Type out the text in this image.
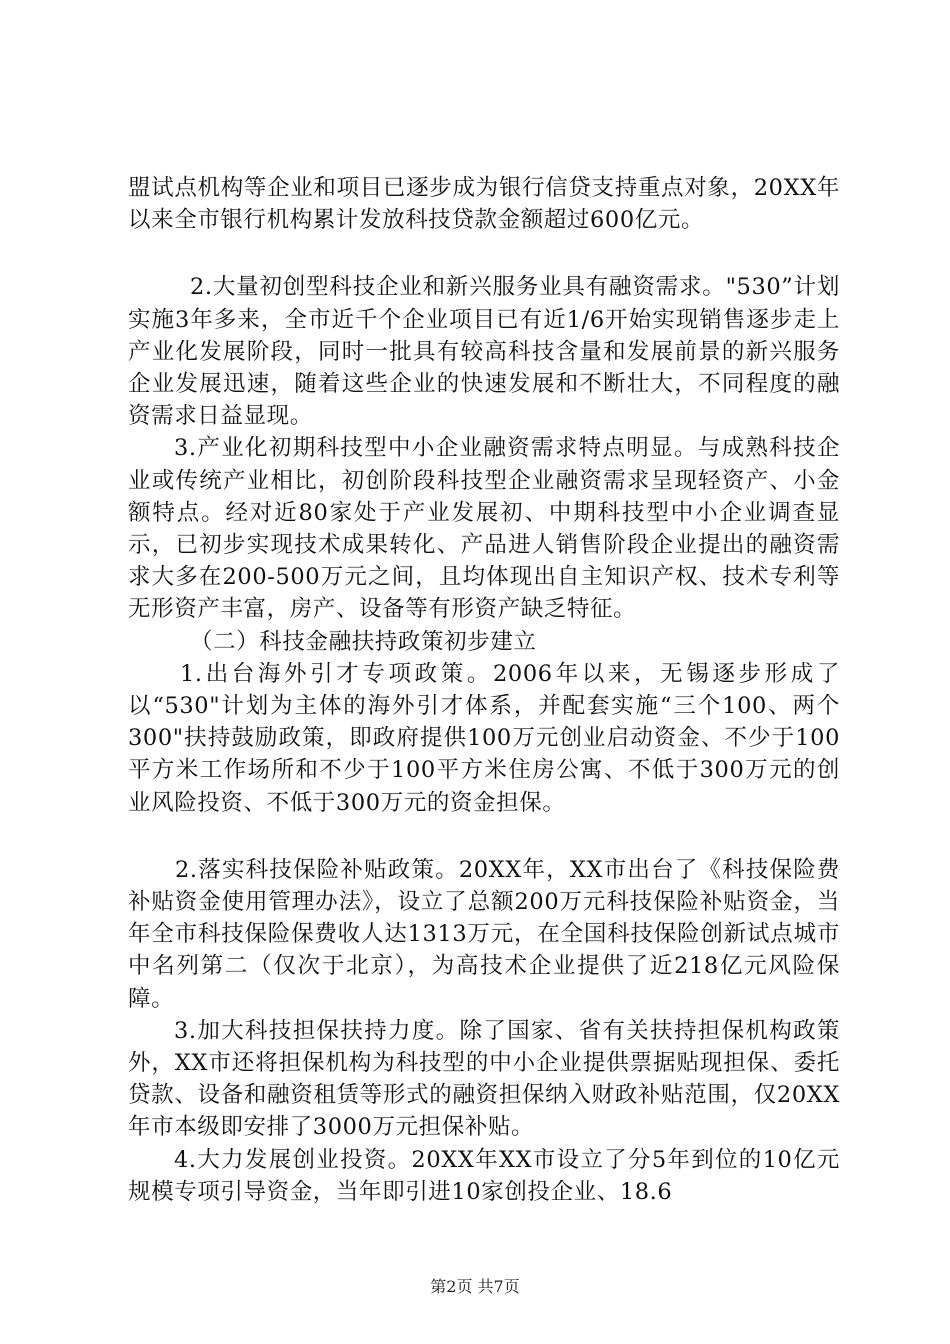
盟试点机构等企业和项目已逐步成为银行信贷支持重点对象，20XX年以来全市银行机构累计发放科技贷款金额超过600亿元。

2.大量初创型科技企业和新兴服务业具有融资需求。"530”计划实施3年多来，全市近千个企业项目已有近1/6开始实现销售逐步走上产业化发展阶段，同时一批具有较高科技含量和发展前景的新兴服务企业发展迅速，随着这些企业的快速发展和不断壮大，不同程度的融资需求日益显现。

3.产业化初期科技型中小企业融资需求特点明显。与成熟科技企业或传统产业相比，初创阶段科技型企业融资需求呈现轻资产、小金额特点。经对近80家处于产业发展初、中期科技型中小企业调查显示，已初步实现技术成果转化、产品进人销售阶段企业提出的融资需求大多在200-500万元之间，且均体现出自主知识产权、技术专利等无形资产丰富，房产、设备等有形资产缺乏特征。

（二）科技金融扶持政策初步建立

1.出台海外引才专项政策。2006年以来，无锡逐步形成了以“530"计划为主体的海外引才体系，并配套实施“三个100、两个300"扶持鼓励政策，即政府提供100万元创业启动资金、不少于100平方米工作场所和不少于100平方米住房公寓、不低于300万元的创业风险投资、不低于300万元的资金担保。

2.落实科技保险补贴政策。20XX年，XX市出台了《科技保险费补贴资金使用管理办法》，设立了总额200万元科技保险补贴资金，当年全市科技保险保费收人达1313万元，在全国科技保险创新试点城市中名列第二（仅次于北京），为高技术企业提供了近218亿元风险保障。

3.加大科技担保扶持力度。除了国家、省有关扶持担保机构政策外，XX市还将担保机构为科技型的中小企业提供票据贴现担保、委托贷款、设备和融资租赁等形式的融资担保纳入财政补贴范围，仅20XX年市本级即安排了3000万元担保补贴。

4.大力发展创业投资。20XX年XX市设立了分5年到位的10亿元规模专项引导资金，当年即引进10家创投企业、18.6

第2页 共7页
